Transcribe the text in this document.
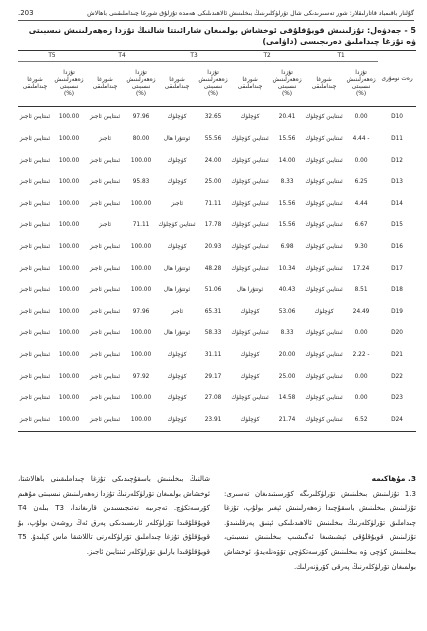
گۇلنار باقىمباد قاتارلىقلار: شور تەسىرىدىكى شال تۆرلۈكلىرىنىڭ بىخلىنىش ئالاھىدىلىكى ھەمدە تۇزلۇق شورغا چىداملىقىنى باھالاش
.203
5 - جەدۋەل: تۇزلىنىش قويۇقلۇقى ئوخشاش بولمىغان شارائىتتا شالنىڭ تۇزدا زەھەرلىنىش نىسبىتى ۋە تۇزغا چىداملىق دەرىجىسى (داۋامى)
T5		T4		T3		T2		T1		رەت نومۇرى
شورغا چىداملىقى	تۇزدا زەھەرلىنىش نىسبىتى
(%)	شورغا چىداملىقى	تۇزدا زەھەرلىنىش نىسبىتى
(%)	شورغا چىداملىقى	تۇزدا زەھەرلىنىش نىسبىتى
(%)	شورغا چىداملىقى	تۇزدا زەھەرلىنىش نىسبىتى
(%)	شورغا چىداملىقى	تۇزدا زەھەرلىنىش نىسبىتى
(%)	
ئىنتايىن ئاجىز	100.00	ئىنتايىن ئاجىز	97.96	كۈچلۈك	32.65	كۈچلۈك	20.41	ئىنتايىن كۈچلۈك	0.00	D10
ئىنتايىن ئاجىز	100.00	ئاجىز	80.00	ئوتتۇرا ھال	55.56	ئىنتايىن كۈچلۈك	15.56	ئىنتايىن كۈچلۈك	4.44 -	D11
ئىنتايىن ئاجىز	100.00	ئىنتايىن ئاجىز	100.00	كۈچلۈك	24.00	ئىنتايىن كۈچلۈك	14.00	ئىنتايىن كۈچلۈك	0.00	D12
ئىنتايىن ئاجىز	100.00	ئىنتايىن ئاجىز	95.83	كۈچلۈك	25.00	ئىنتايىن كۈچلۈك	8.33	ئىنتايىن كۈچلۈك	6.25	D13
ئىنتايىن ئاجىز	100.00	ئىنتايىن ئاجىز	100.00	ئاجىز	71.11	ئىنتايىن كۈچلۈك	15.56	ئىنتايىن كۈچلۈك	4.44	D14
ئىنتايىن ئاجىز	100.00	ئاجىز	71.11	ئىنتايىن كۈچلۈك	17.78	ئىنتايىن كۈچلۈك	15.56	ئىنتايىن كۈچلۈك	6.67	D15
ئىنتايىن ئاجىز	100.00	ئىنتايىن ئاجىز	100.00	كۈچلۈك	20.93	ئىنتايىن كۈچلۈك	6.98	ئىنتايىن كۈچلۈك	9.30	D16
ئىنتايىن ئاجىز	100.00	ئىنتايىن ئاجىز	100.00	ئوتتۇرا ھال	48.28	ئىنتايىن كۈچلۈك	10.34	ئىنتايىن كۈچلۈك	17.24	D17
ئىنتايىن ئاجىز	100.00	ئىنتايىن ئاجىز	100.00	ئوتتۇرا ھال	51.06	ئوتتۇرا ھال	40.43	ئىنتايىن كۈچلۈك	8.51	D18
ئىنتايىن ئاجىز	100.00	ئىنتايىن ئاجىز	97.96	ئاجىز	65.31	كۈچلۈك	53.06	كۈچلۈك	24.49	D19
ئىنتايىن ئاجىز	100.00	ئىنتايىن ئاجىز	100.00	ئوتتۇرا ھال	58.33	ئىنتايىن كۈچلۈك	8.33	ئىنتايىن كۈچلۈك	0.00	D20
ئىنتايىن ئاجىز	100.00	ئىنتايىن ئاجىز	100.00	كۈچلۈك	31.11	كۈچلۈك	20.00	ئىنتايىن كۈچلۈك	2.22 -	D21
ئىنتايىن ئاجىز	100.00	ئىنتايىن ئاجىز	97.92	كۈچلۈك	29.17	كۈچلۈك	25.00	ئىنتايىن كۈچلۈك	0.00	D22
ئىنتايىن ئاجىز	100.00	ئىنتايىن ئاجىز	100.00	كۈچلۈك	27.08	ئىنتايىن كۈچلۈك	14.58	ئىنتايىن كۈچلۈك	0.00	D23
ئىنتايىن ئاجىز	100.00	ئىنتايىن ئاجىز	100.00	كۈچلۈك	23.91	كۈچلۈك	21.74	ئىنتايىن كۈچلۈك	6.52	D24
3. مۇھاكىمە
1.3 تۇزلىنىش بىخلىنىش تۆرلۈكلىرىگە كۆرسىتىدىغان تەسىرى: تۇزلىنىش بىخلىنىش باسقۇچىدا زەھەرلىنىش ئېغىر بولۇپ، تۇزغا چىداملىق تۆرلۈكلەرنىڭ بىخلىنىش ئالاھىدىلىكى ئېنىق پەرقلىنىدۇ. تۇزلىنىش قويۇقلۇقى ئېشىشىغا ئەگىشىپ بىخلىنىش نىسبىتى، بىخلىنىش كۈچى ۋە بىخلىنىش كۆرسەتكۈچى تۆۋەنلەيدۇ، ئوخشاش بولمىغان تۆرلۈكلەرنىڭ پەرقى كۆرۈنەرلىك.
شالنىڭ بىخلىنىش باسقۇچىدىكى تۇزغا چىداملىقىنى باھالاشتا، ئوخشاش بولمىغان تۆرلۈكلەرنىڭ تۇزدا زەھەرلىنىش نىسبىتى مۇھىم كۆرسەتكۈچ. تەجرىبە نەتىجىسىدىن قارىغاندا، T3 بىلەن T4 قويۇقلۇقىدا تۆرلۈكلەر ئارىسىدىكى پەرق ئەڭ روشەن بولۇپ، بۇ قويۇقلۇق تۇزغا چىداملىق تۆرلۈكلەرنى تاللاشقا ماس كېلىدۇ. T5 قويۇقلۇقىدا بارلىق تۆرلۈكلەر ئىنتايىن ئاجىز.
